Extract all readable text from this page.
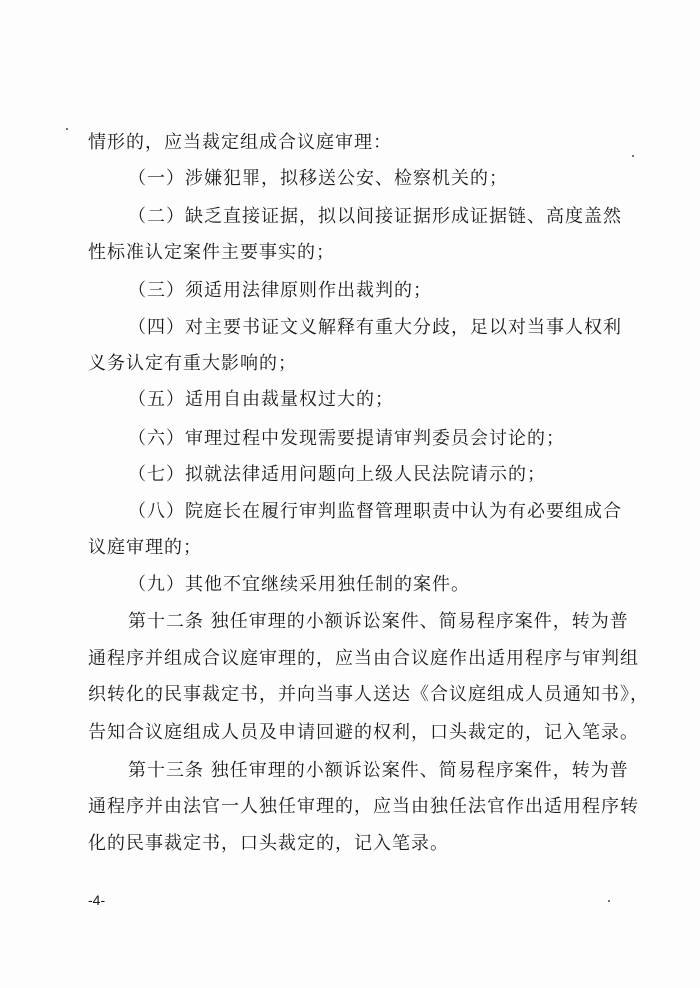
情形的，应当裁定组成合议庭审理：
（一）涉嫌犯罪，拟移送公安、检察机关的；
（二）缺乏直接证据，拟以间接证据形成证据链、高度盖然
性标准认定案件主要事实的；
（三）须适用法律原则作出裁判的；
（四）对主要书证文义解释有重大分歧，足以对当事人权利
义务认定有重大影响的；
（五）适用自由裁量权过大的；
（六）审理过程中发现需要提请审判委员会讨论的；
（七）拟就法律适用问题向上级人民法院请示的；
（八）院庭长在履行审判监督管理职责中认为有必要组成合
议庭审理的；
（九）其他不宜继续采用独任制的案件。
第十二条 独任审理的小额诉讼案件、简易程序案件，转为普
通程序并组成合议庭审理的，应当由合议庭作出适用程序与审判组
织转化的民事裁定书，并向当事人送达《合议庭组成人员通知书》，
告知合议庭组成人员及申请回避的权利，口头裁定的，记入笔录。
第十三条 独任审理的小额诉讼案件、简易程序案件，转为普
通程序并由法官一人独任审理的，应当由独任法官作出适用程序转
化的民事裁定书，口头裁定的，记入笔录。
-4-
